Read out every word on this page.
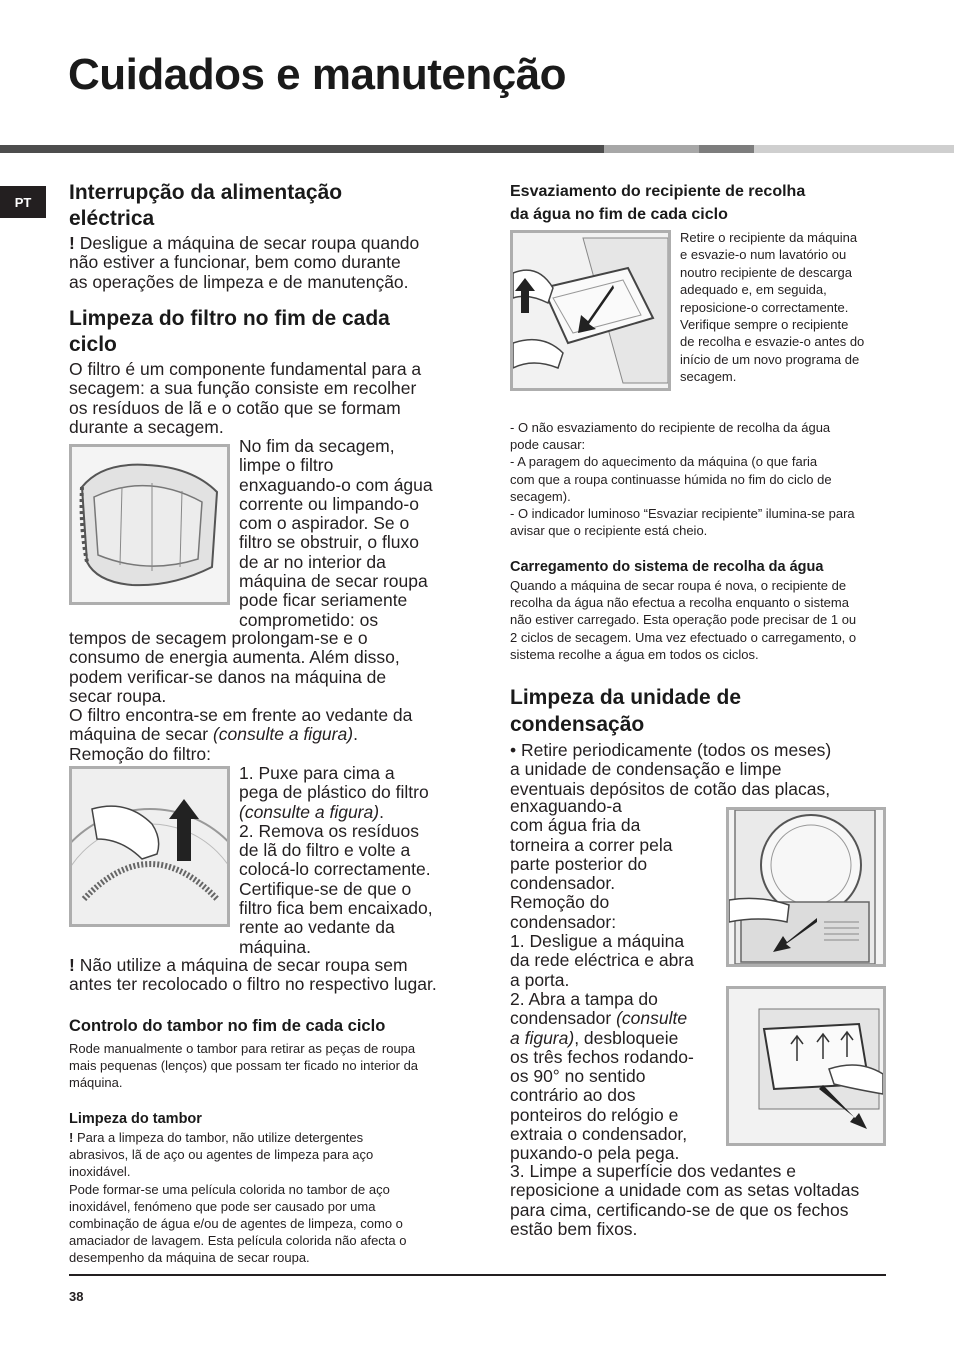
Cuidados e manutenção
PT	Interrupção da alimentação
eléctrica
! Desligue a máquina de secar roupa quando
não estiver a funcionar, bem como durante
as operações de limpeza e de manutenção.
Limpeza do filtro no fim de cada
ciclo
O filtro é um componente fundamental para a
secagem: a sua função consiste em recolher
os resíduos de lã e o cotão que se formam
durante a secagem.
No fim da secagem,
limpe o filtro
enxaguando-o com água
corrente ou limpando-o
com o aspirador. Se o
filtro se obstruir, o fluxo
de ar no interior da
máquina de secar roupa
pode ficar seriamente
comprometido: os
tempos de secagem prolongam-se e o
consumo de energia aumenta. Além disso,
podem verificar-se danos na máquina de
secar roupa.
O filtro encontra-se em frente ao vedante da
máquina de secar (consulte a figura).
Remoção do filtro:
1. Puxe para cima a
pega de plástico do filtro
(consulte a figura).
2. Remova os resíduos
de lã do filtro e volte a
colocá-lo correctamente.
Certifique-se de que o
filtro fica bem encaixado,
rente ao vedante da
máquina.
! Não utilize a máquina de secar roupa sem
antes ter recolocado o filtro no respectivo lugar.
Controlo do tambor no fim de cada ciclo
Rode manualmente o tambor para retirar as peças de roupa
mais pequenas (lenços) que possam ter ficado no interior da
máquina.
Limpeza do tambor
! Para a limpeza do tambor, não utilize detergentes
abrasivos, lã de aço ou agentes de limpeza para aço
inoxidável.
Pode formar-se uma película colorida no tambor de aço
inoxidável, fenómeno que pode ser causado por uma
combinação de água e/ou de agentes de limpeza, como o
amaciador de lavagem. Esta película colorida não afecta o
desempenho da máquina de secar roupa.
Esvaziamento do recipiente de recolha
da água no fim de cada ciclo
Retire o recipiente da máquina
e esvazie-o num lavatório ou
noutro recipiente de descarga
adequado e, em seguida,
reposicione-o correctamente.
Verifique sempre o recipiente
de recolha e esvazie-o antes do
início de um novo programa de
secagem.
- O não esvaziamento do recipiente de recolha da água
pode causar:
- A paragem do aquecimento da máquina (o que faria
com que a roupa continuasse húmida no fim do ciclo de
secagem).
- O indicador luminoso “Esvaziar recipiente” ilumina-se para
avisar que o recipiente está cheio.
Carregamento do sistema de recolha da água
Quando a máquina de secar roupa é nova, o recipiente de
recolha da água não efectua a recolha enquanto o sistema
não estiver carregado. Esta operação pode precisar de 1 ou
2 ciclos de secagem. Uma vez efectuado o carregamento, o
sistema recolhe a água em todos os ciclos.
Limpeza da unidade de
condensação
• Retire periodicamente (todos os meses)
a unidade de condensação e limpe
eventuais depósitos de cotão das placas,
enxaguando-a
com água fria da
torneira a correr pela
parte posterior do
condensador.
Remoção do
condensador:
1. Desligue a máquina
da rede eléctrica e abra
a porta.
2. Abra a tampa do
condensador (consulte
a figura), desbloqueie
os três fechos rodando-
os 90° no sentido
contrário ao dos
ponteiros do relógio e
extraia o condensador,
puxando-o pela pega.
3. Limpe a superfície dos vedantes e
reposicione a unidade com as setas voltadas
para cima, certificando-se de que os fechos
estão bem fixos.
38
